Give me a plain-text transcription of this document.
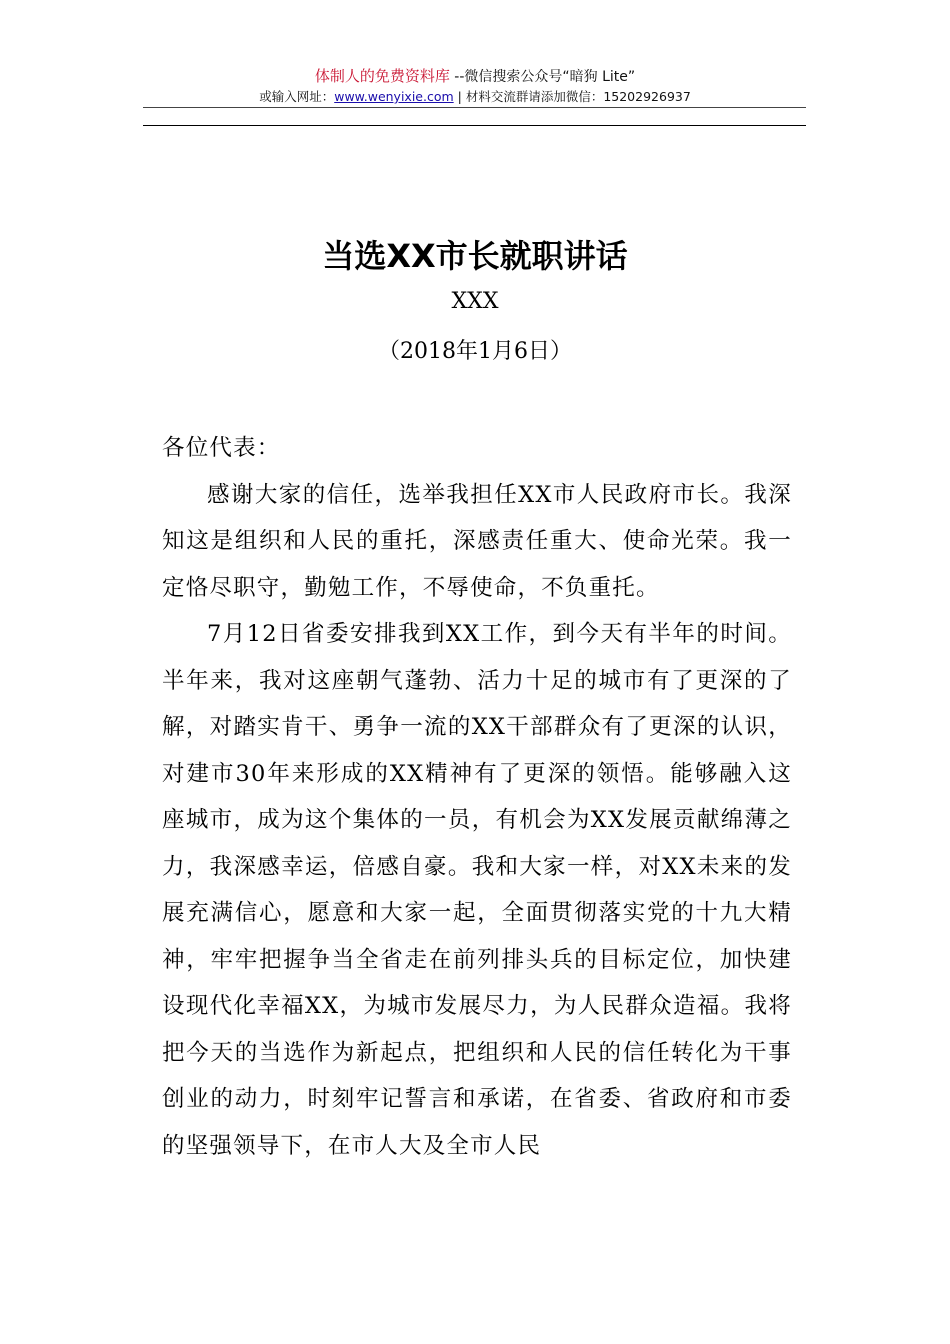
体制人的免费资料库 --微信搜索公众号“暗狗 Lite”
或输入网址：www.wenyixie.com | 材料交流群请添加微信：15202926937
当选XX市长就职讲话
XXX
（2018年1月6日）

各位代表：

感谢大家的信任，选举我担任XX市人民政府市长。我深知这是组织和人民的重托，深感责任重大、使命光荣。我一定恪尽职守，勤勉工作，不辱使命，不负重托。

7月12日省委安排我到XX工作，到今天有半年的时间。半年来，我对这座朝气蓬勃、活力十足的城市有了更深的了解，对踏实肯干、勇争一流的XX干部群众有了更深的认识，对建市30年来形成的XX精神有了更深的领悟。能够融入这座城市，成为这个集体的一员，有机会为XX发展贡献绵薄之力，我深感幸运，倍感自豪。我和大家一样，对XX未来的发展充满信心，愿意和大家一起，全面贯彻落实党的十九大精神，牢牢把握争当全省走在前列排头兵的目标定位，加快建设现代化幸福XX，为城市发展尽力，为人民群众造福。我将把今天的当选作为新起点，把组织和人民的信任转化为干事创业的动力，时刻牢记誓言和承诺，在省委、省政府和市委的坚强领导下，在市人大及全市人民
